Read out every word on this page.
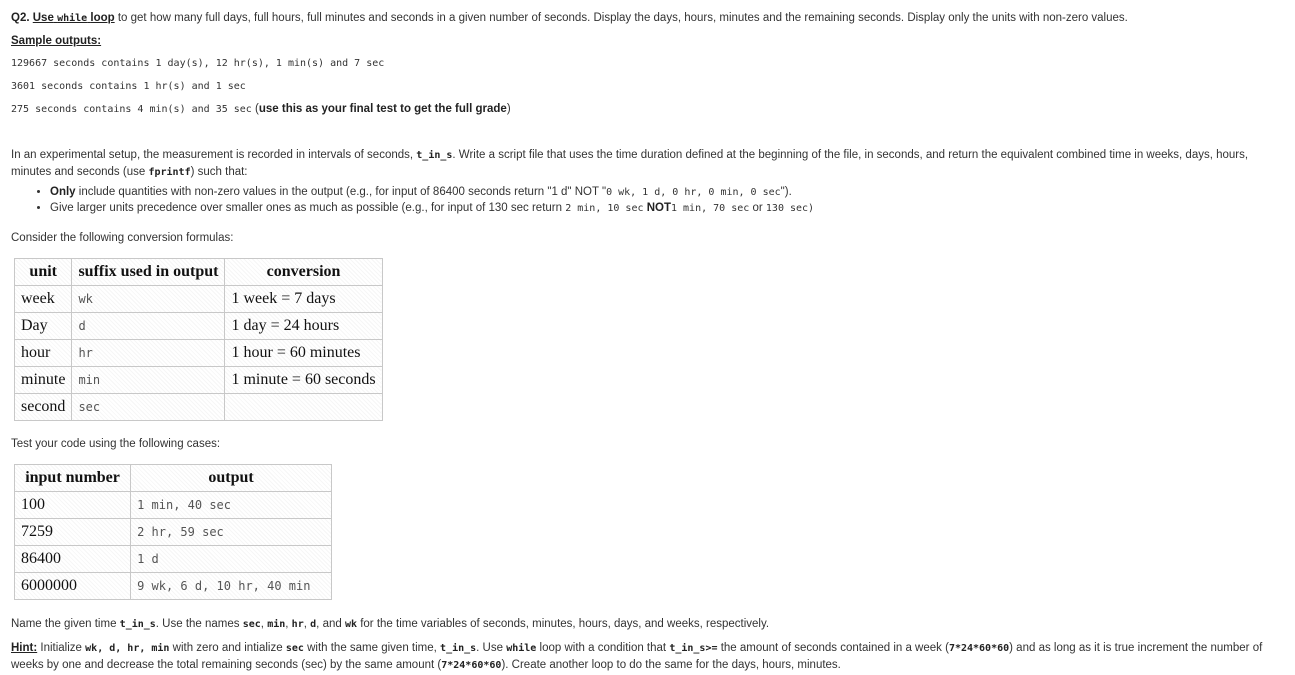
Q2. Use while loop to get how many full days, full hours, full minutes and seconds in a given number of seconds. Display the days, hours, minutes and the remaining seconds. Display only the units with non-zero values.
Sample outputs:
129667 seconds contains 1 day(s), 12 hr(s), 1 min(s) and 7 sec
3601 seconds contains 1 hr(s) and 1 sec
275 seconds contains 4 min(s) and 35 sec (use this as your final test to get the full grade)
In an experimental setup, the measurement is recorded in intervals of seconds, t_in_s. Write a script file that uses the time duration defined at the beginning of the file, in seconds, and return the equivalent combined time in weeks, days, hours, minutes and seconds (use fprintf) such that:
• Only include quantities with non-zero values in the output (e.g., for input of 86400 seconds return "1 d" NOT "0 wk, 1 d, 0 hr, 0 min, 0 sec").
• Give larger units precedence over smaller ones as much as possible (e.g., for input of 130 sec return 2 min, 10 sec NOT1 min, 70 sec or 130 sec)
Consider the following conversion formulas:
unit	suffix used in output	conversion
week	wk	1 week = 7 days
Day	d	1 day = 24 hours
hour	hr	1 hour = 60 minutes
minute	min	1 minute = 60 seconds
second	sec	
Test your code using the following cases:
input number	output
100	1 min, 40 sec
7259	2 hr, 59 sec
86400	1 d
6000000	9 wk, 6 d, 10 hr, 40 min
Name the given time t_in_s. Use the names sec, min, hr, d, and wk for the time variables of seconds, minutes, hours, days, and weeks, respectively.
Hint: Initialize wk, d, hr, min with zero and intialize sec with the same given time, t_in_s. Use while loop with a condition that t_in_s>= the amount of seconds contained in a week (7*24*60*60) and as long as it is true increment the number of weeks by one and decrease the total remaining seconds (sec) by the same amount (7*24*60*60). Create another loop to do the same for the days, hours, minutes.
